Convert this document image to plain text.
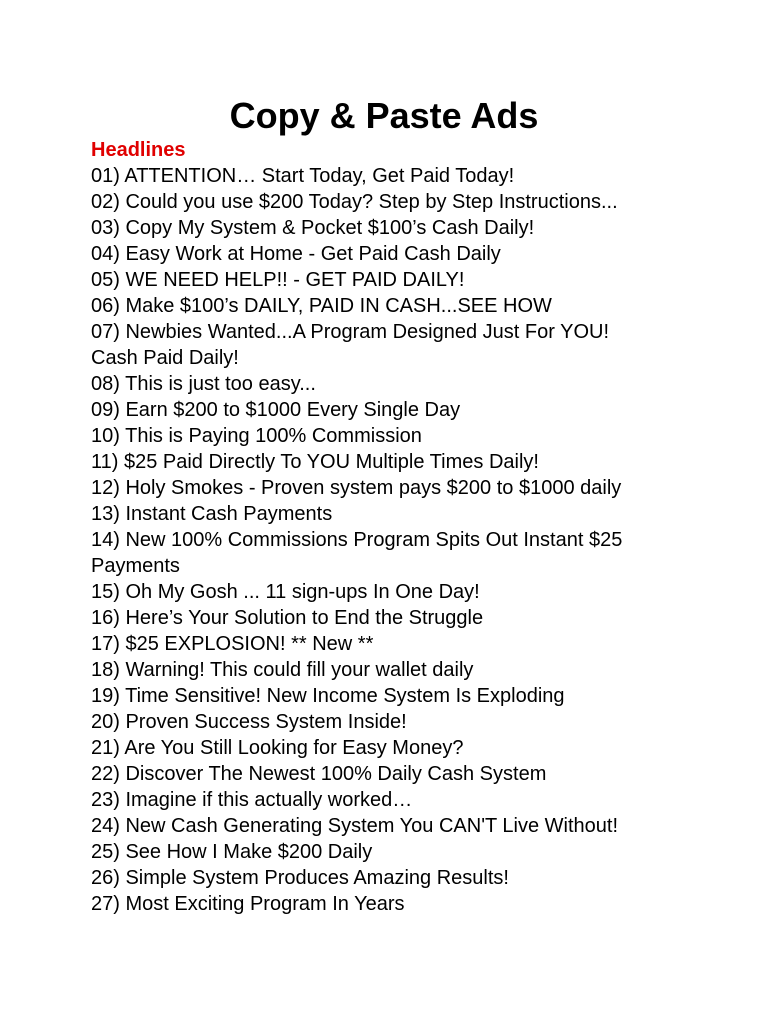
Copy & Paste Ads
Headlines
01) ATTENTION… Start Today, Get Paid Today!
02) Could you use $200 Today? Step by Step Instructions...
03) Copy My System & Pocket $100’s Cash Daily!
04) Easy Work at Home - Get Paid Cash Daily
05) WE NEED HELP!! - GET PAID DAILY!
06) Make $100’s DAILY, PAID IN CASH...SEE HOW
07) Newbies Wanted...A Program Designed Just For YOU!
Cash Paid Daily!
08) This is just too easy...
09) Earn $200 to $1000 Every Single Day
10) This is Paying 100% Commission
11) $25 Paid Directly To YOU Multiple Times Daily!
12) Holy Smokes - Proven system pays $200 to $1000 daily
13) Instant Cash Payments
14) New 100% Commissions Program Spits Out Instant $25
Payments
15) Oh My Gosh ... 11 sign-ups In One Day!
16) Here’s Your Solution to End the Struggle
17) $25 EXPLOSION! ** New **
18) Warning! This could fill your wallet daily
19) Time Sensitive! New Income System Is Exploding
20) Proven Success System Inside!
21) Are You Still Looking for Easy Money?
22) Discover The Newest 100% Daily Cash System
23) Imagine if this actually worked…
24) New Cash Generating System You CAN'T Live Without!
25) See How I Make $200 Daily
26) Simple System Produces Amazing Results!
27) Most Exciting Program In Years
